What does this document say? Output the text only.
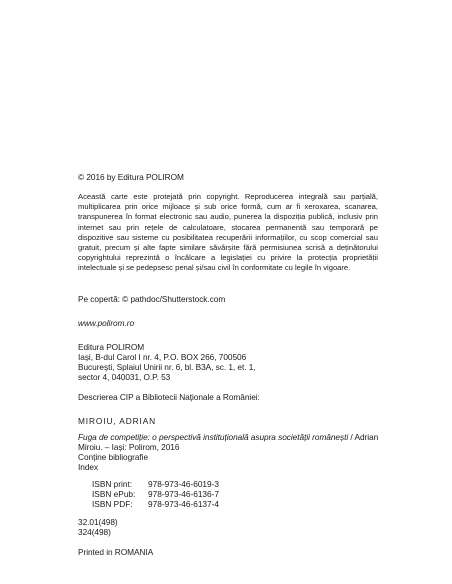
© 2016 by Editura POLIROM
Această carte este protejată prin copyright. Reproducerea integrală sau parțială, multiplicarea prin orice mijloace și sub orice formă, cum ar fi xeroxarea, scanarea, transpunerea în format electronic sau audio, punerea la dispoziția publică, inclusiv prin internet sau prin rețele de calculatoare, stocarea permanentă sau temporară pe dispozitive sau sisteme cu posibilitatea recuperării informațiilor, cu scop comercial sau gratuit, precum și alte fapte similare săvârșite fără permisiunea scrisă a deținătorului copyrightului reprezintă o încălcare a legislației cu privire la protecția proprietății intelectuale și se pedepsesc penal și/sau civil în conformitate cu legile în vigoare.
Pe copertă: © pathdoc/Shutterstock.com
www.polirom.ro
Editura POLIROM
Iași, B-dul Carol I nr. 4, P.O. BOX 266, 700506
București, Splaiul Unirii nr. 6, bl. B3A, sc. 1, et. 1,
sector 4, 040031, O.P. 53
Descrierea CIP a Bibliotecii Naționale a României:
MIROIU, ADRIAN
Fuga de competiție: o perspectivă instituțională asupra societății românești / Adrian
Miroiu. – Iași: Polirom, 2016
Conține bibliografie
Index
ISBN print: 978-973-46-6019-3
ISBN ePub: 978-973-46-6136-7
ISBN PDF: 978-973-46-6137-4
32.01(498)
324(498)
Printed in ROMANIA
